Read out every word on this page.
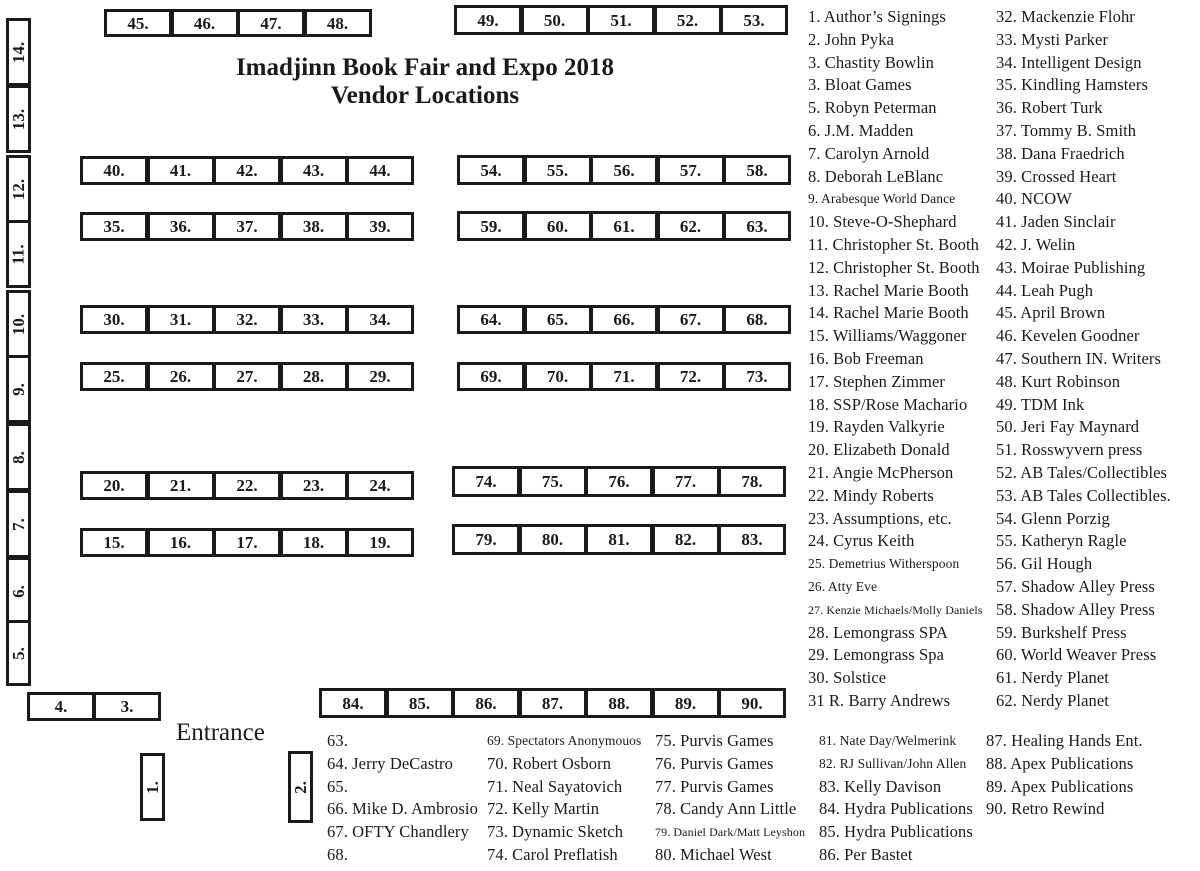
Imadjinn Book Fair and Expo 2018
Vendor Locations
Entrance
14.
13.
12.
11.
10.
9.
8.
7.
6.
5.
45.	46.	47.	48.	49.	50.	51.	52.	53.
40.	41.	42.	43.	44.
35.	36.	37.	38.	39.
30.	31.	32.	33.	34.
25.	26.	27.	28.	29.
20.	21.	22.	23.	24.
15.	16.	17.	18.	19.
54.	55.	56.	57.	58.
59.	60.	61.	62.	63.
64.	65.	66.	67.	68.
69.	70.	71.	72.	73.
74.	75.	76.	77.	78.
79.	80.	81.	82.	83.
84.	85.	86.	87.	88.	89.	90.
4.	3.
1.	2.
1. Author’s Signings
2. John Pyka
3. Chastity Bowlin
3. Bloat Games
5. Robyn Peterman
6. J.M. Madden
7. Carolyn Arnold
8. Deborah LeBlanc
9. Arabesque World Dance
10. Steve-O-Shephard
11. Christopher St. Booth
12. Christopher St. Booth
13. Rachel Marie Booth
14. Rachel Marie Booth
15. Williams/Waggoner
16. Bob Freeman
17. Stephen Zimmer
18. SSP/Rose Machario
19. Rayden Valkyrie
20. Elizabeth Donald
21. Angie McPherson
22. Mindy Roberts
23. Assumptions, etc.
24. Cyrus Keith
25. Demetrius Witherspoon
26. Atty Eve
27. Kenzie Michaels/Molly Daniels
28. Lemongrass SPA
29. Lemongrass Spa
30. Solstice
31 R. Barry Andrews
32. Mackenzie Flohr
33. Mysti Parker
34. Intelligent Design
35. Kindling Hamsters
36. Robert Turk
37. Tommy B. Smith
38. Dana Fraedrich
39. Crossed Heart
40. NCOW
41. Jaden Sinclair
42. J. Welin
43. Moirae Publishing
44. Leah Pugh
45. April Brown
46. Kevelen Goodner
47. Southern IN. Writers
48. Kurt Robinson
49. TDM Ink
50. Jeri Fay Maynard
51. Rosswyvern press
52. AB Tales/Collectibles
53. AB Tales Collectibles.
54. Glenn Porzig
55. Katheryn Ragle
56. Gil Hough
57. Shadow Alley Press
58. Shadow Alley Press
59. Burkshelf Press
60. World Weaver Press
61. Nerdy Planet
62. Nerdy Planet
63.
64. Jerry DeCastro
65.
66. Mike D. Ambrosio
67. OFTY Chandlery
68.
69. Spectators Anonymouos
70. Robert Osborn
71. Neal Sayatovich
72. Kelly Martin
73. Dynamic Sketch
74. Carol Preflatish
75. Purvis Games
76. Purvis Games
77. Purvis Games
78. Candy Ann Little
79. Daniel Dark/Matt Leyshon
80. Michael West
81. Nate Day/Welmerink
82. RJ Sullivan/John Allen
83. Kelly Davison
84. Hydra Publications
85. Hydra Publications
86. Per Bastet
87. Healing Hands Ent.
88. Apex Publications
89. Apex Publications
90. Retro Rewind
